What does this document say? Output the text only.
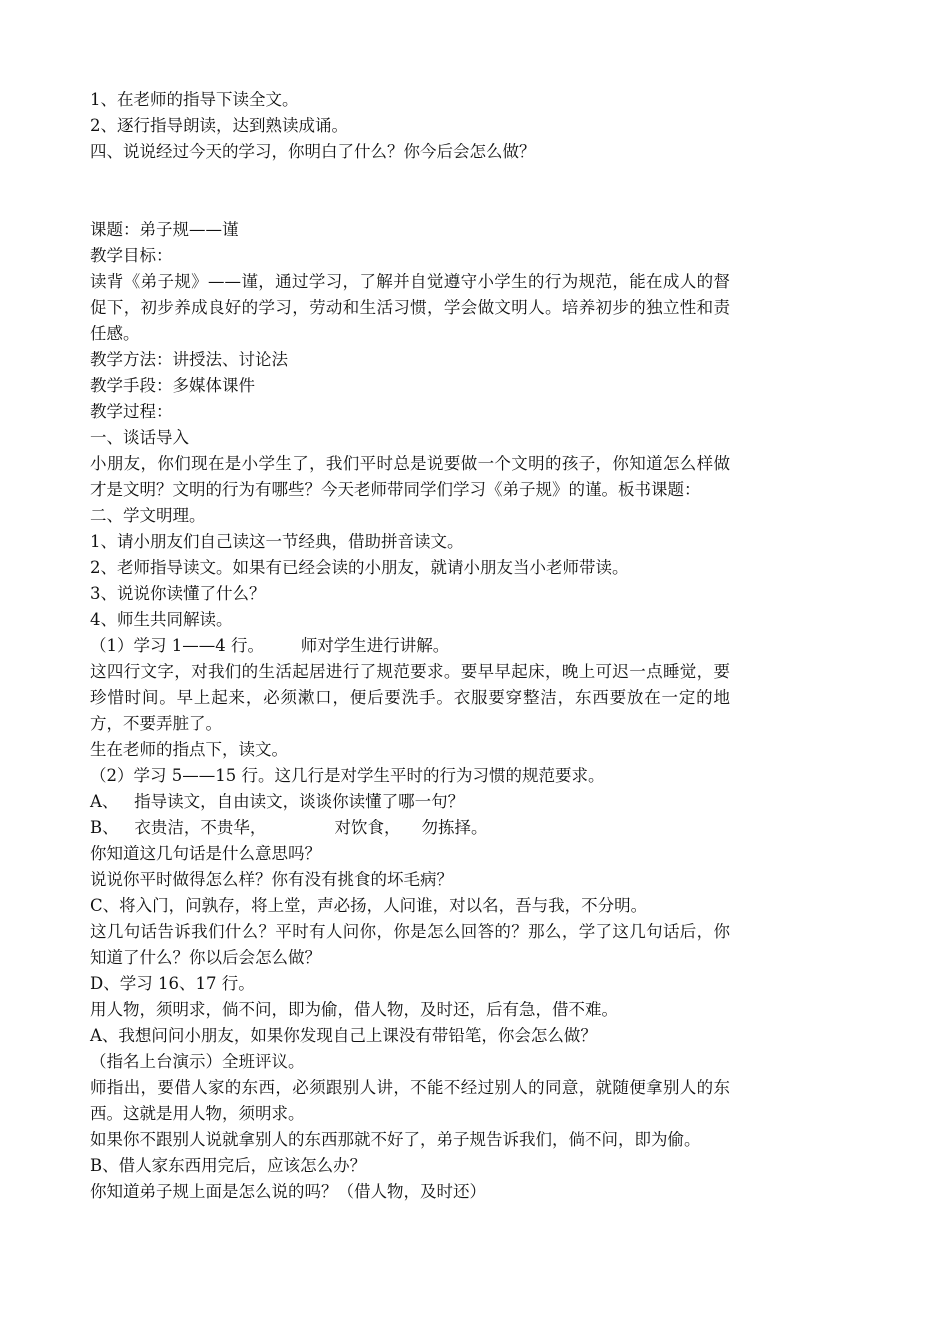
1、在老师的指导下读全文。
2、逐行指导朗读，达到熟读成诵。
四、说说经过今天的学习，你明白了什么？你今后会怎么做？
课题：弟子规——谨
教学目标：
读背《弟子规》——谨，通过学习，了解并自觉遵守小学生的行为规范，能在成人的督促下，初步养成良好的学习，劳动和生活习惯，学会做文明人。培养初步的独立性和责任感。
教学方法：讲授法、讨论法
教学手段：多媒体课件
教学过程：
一、谈话导入
小朋友，你们现在是小学生了，我们平时总是说要做一个文明的孩子，你知道怎么样做才是文明？文明的行为有哪些？今天老师带同学们学习《弟子规》的谨。板书课题：
二、学文明理。
1、请小朋友们自己读这一节经典，借助拼音读文。
2、老师指导读文。如果有已经会读的小朋友，就请小朋友当小老师带读。
3、说说你读懂了什么？
4、师生共同解读。
（1）学习 1——4 行。       师对学生进行讲解。
这四行文字，对我们的生活起居进行了规范要求。要早早起床，晚上可迟一点睡觉，要珍惜时间。早上起来，必须漱口，便后要洗手。衣服要穿整洁，东西要放在一定的地方，不要弄脏了。
生在老师的指点下，读文。
（2）学习 5——15 行。这几行是对学生平时的行为习惯的规范要求。
A、   指导读文，自由读文，谈谈你读懂了哪一句？
B、   衣贵洁，不贵华，             对饮食，    勿拣择。
你知道这几句话是什么意思吗？
说说你平时做得怎么样？你有没有挑食的坏毛病？
C、将入门，问孰存，将上堂，声必扬，人问谁，对以名，吾与我，不分明。
这几句话告诉我们什么？平时有人问你，你是怎么回答的？那么，学了这几句话后，你知道了什么？你以后会怎么做？
D、学习 16、17 行。
用人物，须明求，倘不问，即为偷，借人物，及时还，后有急，借不难。
A、我想问问小朋友，如果你发现自己上课没有带铅笔，你会怎么做？
（指名上台演示）全班评议。
师指出，要借人家的东西，必须跟别人讲，不能不经过别人的同意，就随便拿别人的东西。这就是用人物，须明求。
如果你不跟别人说就拿别人的东西那就不好了，弟子规告诉我们，倘不问，即为偷。
B、借人家东西用完后，应该怎么办？
你知道弟子规上面是怎么说的吗？（借人物，及时还）
